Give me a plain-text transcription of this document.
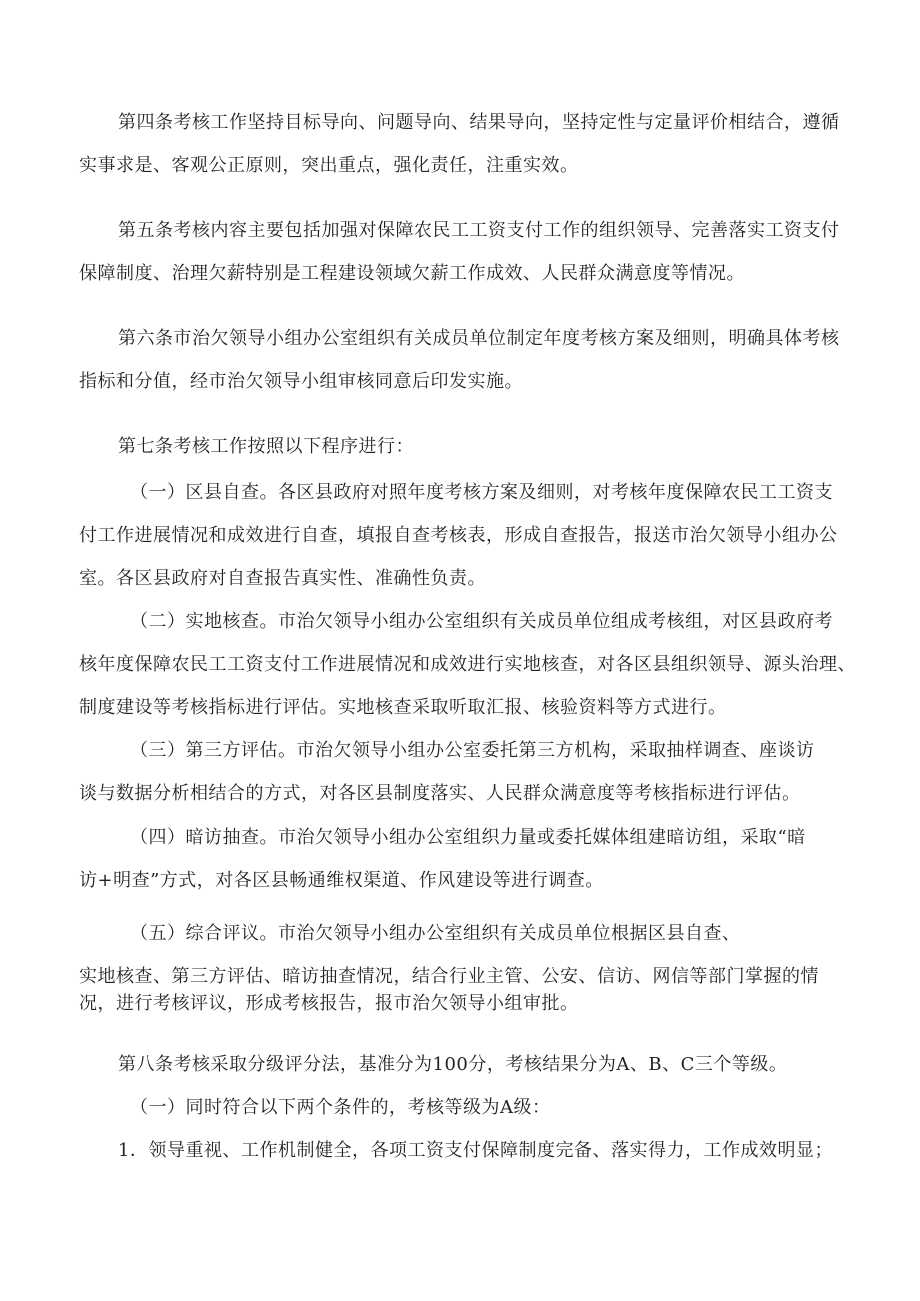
第四条考核工作坚持目标导向、问题导向、结果导向，坚持定性与定量评价相结合，遵循
实事求是、客观公正原则，突出重点，强化责任，注重实效。
第五条考核内容主要包括加强对保障农民工工资支付工作的组织领导、完善落实工资支付
保障制度、治理欠薪特别是工程建设领域欠薪工作成效、人民群众满意度等情况。
第六条市治欠领导小组办公室组织有关成员单位制定年度考核方案及细则，明确具体考核
指标和分值，经市治欠领导小组审核同意后印发实施。
第七条考核工作按照以下程序进行：
（一）区县自查。各区县政府对照年度考核方案及细则，对考核年度保障农民工工资支
付工作进展情况和成效进行自查，填报自查考核表，形成自查报告，报送市治欠领导小组办公
室。各区县政府对自查报告真实性、准确性负责。
（二）实地核查。市治欠领导小组办公室组织有关成员单位组成考核组，对区县政府考
核年度保障农民工工资支付工作进展情况和成效进行实地核查，对各区县组织领导、源头治理、
制度建设等考核指标进行评估。实地核查采取听取汇报、核验资料等方式进行。
（三）第三方评估。市治欠领导小组办公室委托第三方机构，采取抽样调查、座谈访
谈与数据分析相结合的方式，对各区县制度落实、人民群众满意度等考核指标进行评估。
（四）暗访抽查。市治欠领导小组办公室组织力量或委托媒体组建暗访组，采取“暗
访+明查”方式，对各区县畅通维权渠道、作风建设等进行调查。
（五）综合评议。市治欠领导小组办公室组织有关成员单位根据区县自查、
实地核查、第三方评估、暗访抽查情况，结合行业主管、公安、信访、网信等部门掌握的情
况，进行考核评议，形成考核报告，报市治欠领导小组审批。
第八条考核采取分级评分法，基准分为100分，考核结果分为A、B、C三个等级。
（一）同时符合以下两个条件的，考核等级为A级：
1．领导重视、工作机制健全，各项工资支付保障制度完备、落实得力，工作成效明显；
